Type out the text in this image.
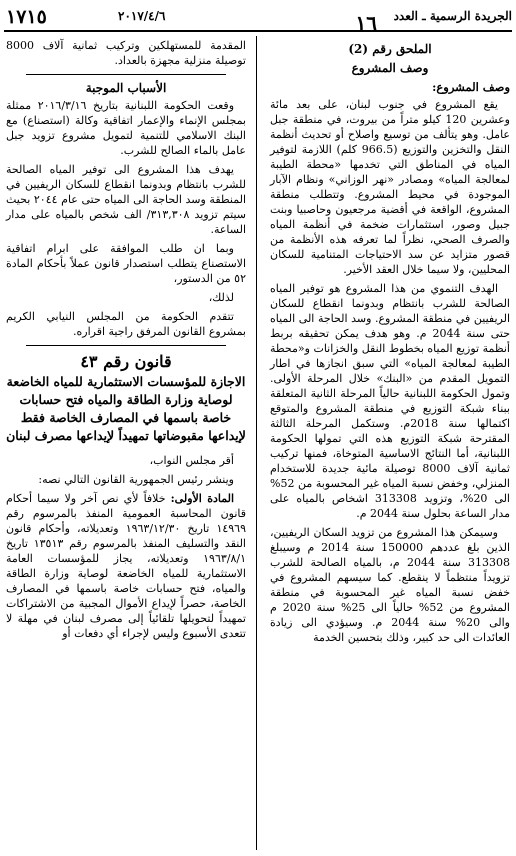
الجريدة الرسمية ـ العدد
١٦
٢٠١٧/٤/٦
١٧١٥
الملحق رقم (2)
وصف المشروع
وصف المشروع:

يقع المشروع في جنوب لبنان، على بعد مائة وعشرين 120 كيلو متراً من بيروت، في منطقة جبل عامل. وهو يتألف من توسيع واصلاح أو تحديث أنظمة النقل والتخزين والتوزيع (966.5 كلم) اللازمة لتوفير المياه في المناطق التي تخدمها «محطة الطيبة لمعالجة المياه» ومصادر «نهر الوزاني» ونظام الآبار الموجودة في محيط المشروع. وتتطلب منطقة المشروع، الواقعة في أقضية مرجعيون وحاصبيا وبنت جبيل وصور، استثمارات ضخمة في أنظمة المياه والصرف الصحي، نظراً لما تعرفه هذه الأنظمة من قصور متزايد عن سد الاحتياجات المتنامية للسكان المحليين، ولا سيما خلال العقد الأخير.

الهدف التنموي من هذا المشروع هو توفير المياه الصالحة للشرب بانتظام وبدونما انقطاع للسكان الريفيين في منطقة المشروع. وسد الحاجة الى المياه حتى سنة 2044 م. وهو هدف يمكن تحقيقه بربط أنظمة توزيع المياه بخطوط النقل والخزانات و«محطة الطيبة لمعالجة المياه» التي سبق انجازها في اطار التمويل المقدم من «البنك» خلال المرحلة الأولى. وتمول الحكومة اللبنانية حالياً المرحلة الثانية المتعلقة ببناء شبكة التوزيع في منطقة المشروع والمتوقع اكتمالها سنة 2018م. وستكمل المرحلة الثالثة المقترحة شبكة التوزيع هذه التي تمولها الحكومة اللبنانية، أما النتائج الاساسية المتوخاة، فمنها تركيب ثمانية آلاف 8000 توصيلة مائية جديدة للاستخدام المنزلي، وخفض نسبة المياه غير المحسوبة من 52% الى 20%، وتزويد 313308 اشخاص بالمياه على مدار الساعة بحلول سنة 2044 م.

وسيمكن هذا المشروع من تزويد السكان الريفيين، الذين بلغ عددهم 150000 سنة 2014 م وسيبلغ 313308 سنة 2044 م، بالمياه الصالحة للشرب تزويداً منتظماً لا ينقطع. كما سيسهم المشروع في خفض نسبة المياه غير المحسوبة في منطقة المشروع من 52% حالياً الى 25% سنة 2020 م والى 20% سنة 2044 م. وسيؤدي الى زيادة العائدات الى حد كبير، وذلك بتحسين الخدمة

المقدمة للمستهلكين وتركيب ثمانية آلاف 8000 توصيلة منزلية مجهزة بالعداد.

الأسباب الموجبة

وقعت الحكومة اللبنانية بتاريخ ٢٠١٦/٣/١٦ ممثلة بمجلس الإنماء والإعمار اتفاقية وكالة (استصناع) مع البنك الاسلامي للتنمية لتمويل مشروع تزويد جبل عامل بالماء الصالح للشرب.

يهدف هذا المشروع الى توفير المياه الصالحة للشرب بانتظام وبدونما انقطاع للسكان الريفيين في المنطقة وسد الحاجة الى المياه حتى عام ٢٠٤٤ بحيث سيتم تزويد ٣١٣,٣٠٨/ الف شخص بالمياه على مدار الساعة.

وبما ان طلب الموافقة على ابرام اتفاقية الاستصناع يتطلب استصدار قانون عملاً بأحكام المادة ٥٢ من الدستور،

لذلك،

تتقدم الحكومة من المجلس النيابي الكريم بمشروع القانون المرفق راجية اقراره.

قانون رقم ٤٣
الاجازة للمؤسسات الاستثمارية للمياه الخاضعة لوصاية وزارة الطاقة والمياه فتح حسابات خاصة باسمها في المصارف الخاصة فقط لإيداعها مقبوضاتها تمهيداً لإيداعها مصرف لبنان

أقر مجلس النواب،

وينشر رئيس الجمهورية القانون التالي نصه:

المادة الأولى: خلافاً لأي نص آخر ولا سيما أحكام قانون المحاسبة العمومية المنفذ بالمرسوم رقم ١٤٩٦٩ تاريخ ١٩٦٣/١٢/٣٠ وتعديلاته، وأحكام قانون النقد والتسليف المنفذ بالمرسوم رقم ١٣٥١٣ تاريخ ١٩٦٣/٨/١ وتعديلاته، يجاز للمؤسسات العامة الاستثمارية للمياه الخاضعة لوصاية وزارة الطاقة والمياه، فتح حسابات خاصة باسمها في المصارف الخاصة، حصراً لإيداع الأموال المجبية من الاشتراكات تمهيداً لتحويلها تلقائياً إلى مصرف لبنان في مهلة لا تتعدى الأسبوع وليس لإجراء أي دفعات أو
